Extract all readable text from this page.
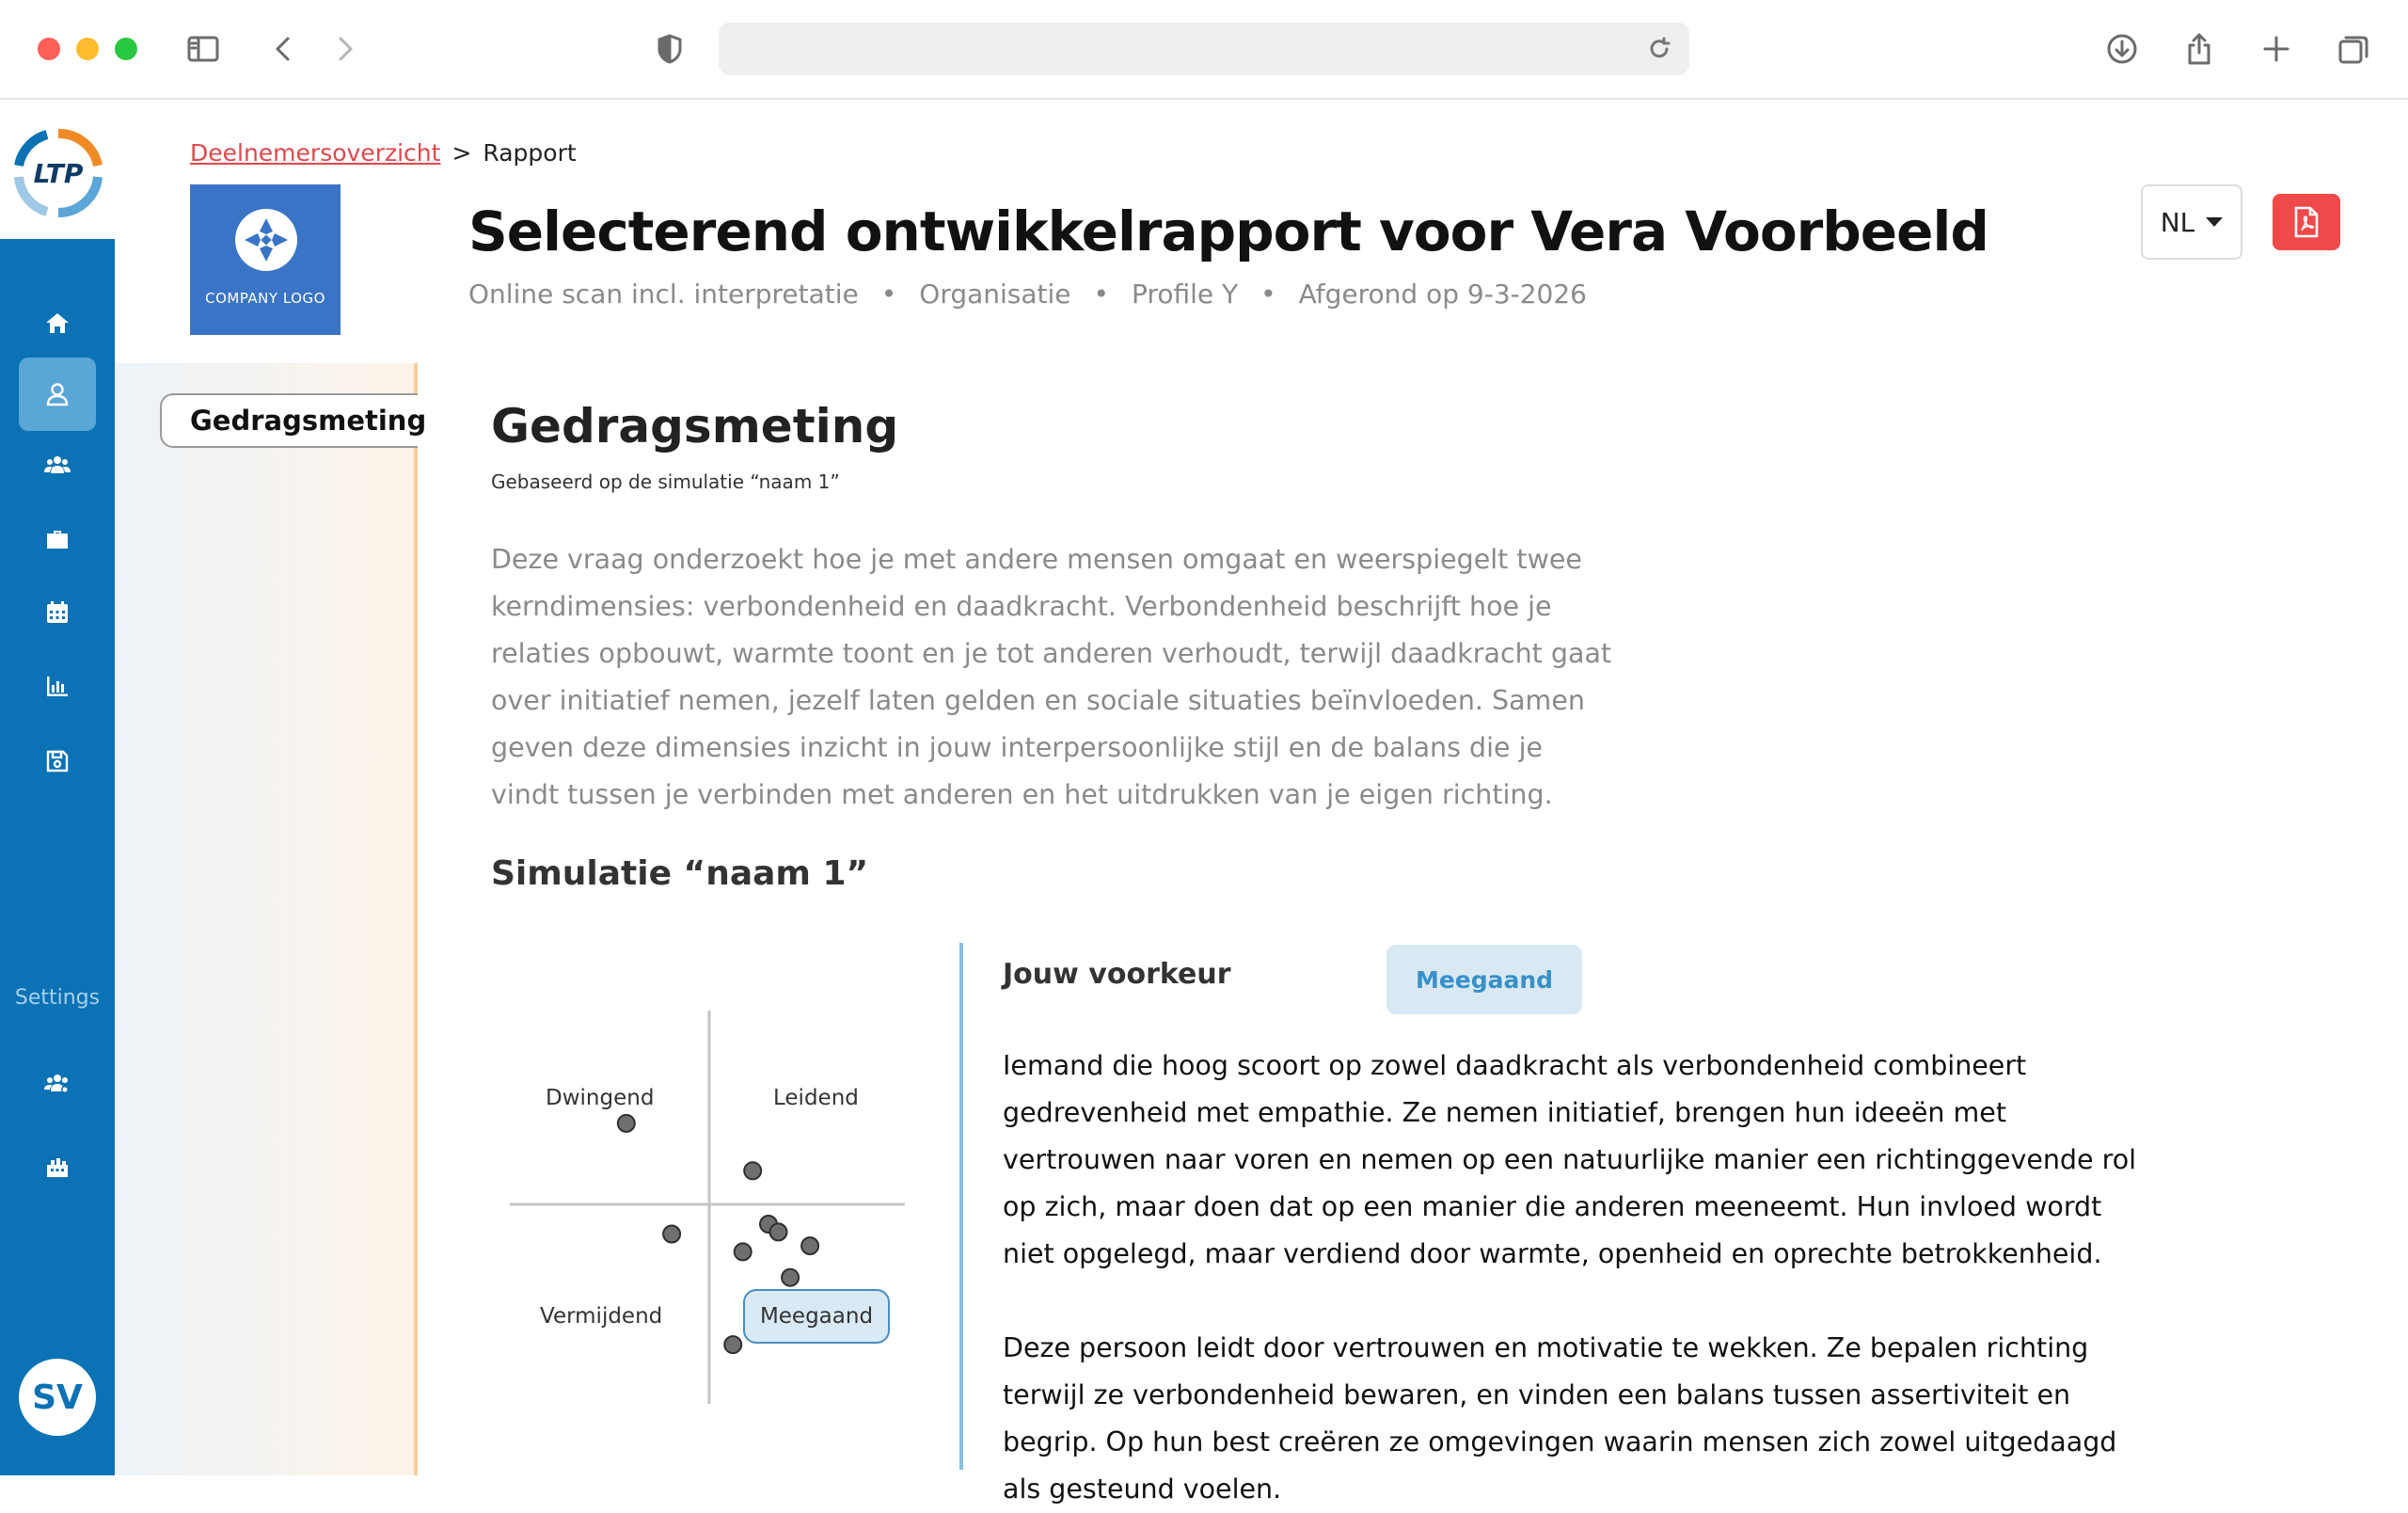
LTP
Settings
SV
Deelnemersoverzicht > Rapport
COMPANY LOGO
Selecterend ontwikkelrapport voor Vera Voorbeeld
Online scan incl. interpretatie • Organisatie • Profile Y • Afgerond op 9-3-2026
NL
Gedragsmeting Gedragsmeting
Gebaseerd op de simulatie “naam 1”
Deze vraag onderzoekt hoe je met andere mensen omgaat en weerspiegelt twee kerndimensies: verbondenheid en daadkracht. Verbondenheid beschrijft hoe je relaties opbouwt, warmte toont en je tot anderen verhoudt, terwijl daadkracht gaat over initiatief nemen, jezelf laten gelden en sociale situaties beïnvloeden. Samen geven deze dimensies inzicht in jouw interpersoonlijke stijl en de balans die je vindt tussen je verbinden met anderen en het uitdrukken van je eigen richting.
Simulatie “naam 1”
Dwingend	Leidend
Vermijdend	Meegaand
Jouw voorkeur	Meegaand
Iemand die hoog scoort op zowel daadkracht als verbondenheid combineert gedrevenheid met empathie. Ze nemen initiatief, brengen hun ideeën met vertrouwen naar voren en nemen op een natuurlijke manier een richtinggevende rol op zich, maar doen dat op een manier die anderen meeneemt. Hun invloed wordt niet opgelegd, maar verdiend door warmte, openheid en oprechte betrokkenheid.
Deze persoon leidt door vertrouwen en motivatie te wekken. Ze bepalen richting terwijl ze verbondenheid bewaren, en vinden een balans tussen assertiviteit en begrip. Op hun best creëren ze omgevingen waarin mensen zich zowel uitgedaagd als gesteund voelen.
